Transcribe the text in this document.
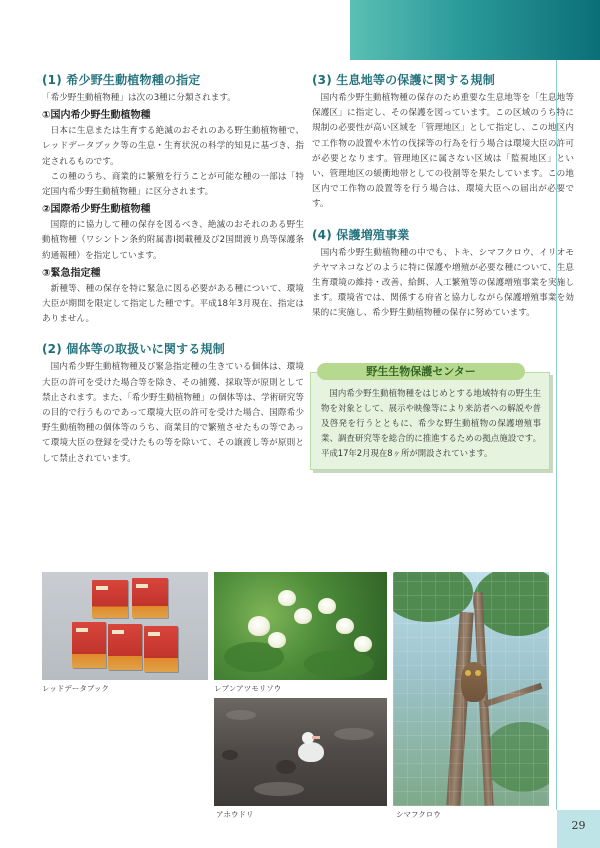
(1) 希少野生動植物種の指定

「希少野生動植物種」は次の3種に分類されます。

①国内希少野生動植物種

日本に生息または生育する絶滅のおそれのある野生動植物種で、レッドデータブック等の生息・生育状況の科学的知見に基づき、指定されるものです。

この種のうち、商業的に繁殖を行うことが可能な種の一部は「特定国内希少野生動植物種」に区分されます。

②国際希少野生動植物種

国際的に協力して種の保存を図るべき、絶滅のおそれのある野生動植物種（ワシントン条約附属書Ⅰ掲載種及び2国間渡り鳥等保護条約通報種）を指定しています。

③緊急指定種

新種等、種の保存を特に緊急に図る必要がある種について、環境大臣が期間を限定して指定した種です。平成18年3月現在、指定はありません。

(2) 個体等の取扱いに関する規制

国内希少野生動植物種及び緊急指定種の生きている個体は、環境大臣の許可を受けた場合等を除き、その捕獲、採取等が原則として禁止されます。また、「希少野生動植物種」の個体等は、学術研究等の目的で行うものであって環境大臣の許可を受けた場合、国際希少野生動植物種の個体等のうち、商業目的で繁殖させたもの等であって環境大臣の登録を受けたもの等を除いて、その譲渡し等が原則として禁止されています。

(3) 生息地等の保護に関する規制

国内希少野生動植物種の保存のため重要な生息地等を「生息地等保護区」に指定し、その保護を図っています。この区域のうち特に規制の必要性が高い区域を「管理地区」として指定し、この地区内で工作物の設置や木竹の伐採等の行為を行う場合は環境大臣の許可が必要となります。管理地区に属さない区域は「監視地区」といい、管理地区の緩衝地帯としての役割等を果たしています。この地区内で工作物の設置等を行う場合は、環境大臣への届出が必要です。

(4) 保護増殖事業

国内希少野生動植物種の中でも、トキ、シマフクロウ、イリオモテヤマネコなどのように特に保護や増殖が必要な種について、生息生育環境の維持・改善、給餌、人工繁殖等の保護増殖事業を実施します。環境省では、関係する府省と協力しながら保護増殖事業を効果的に実施し、希少野生動植物種の保存に努めています。

野生生物保護センター
国内希少野生動植物種をはじめとする地域特有の野生生物を対象として、展示や映像等により来訪者への解説や普及啓発を行うとともに、希少な野生動植物の保護増殖事業、調査研究等を総合的に推進するための拠点施設です。平成17年2月現在8ヶ所が開設されています。
レッドデータブック	レブンアツモリソウ
アホウドリ	シマフクロウ
29
